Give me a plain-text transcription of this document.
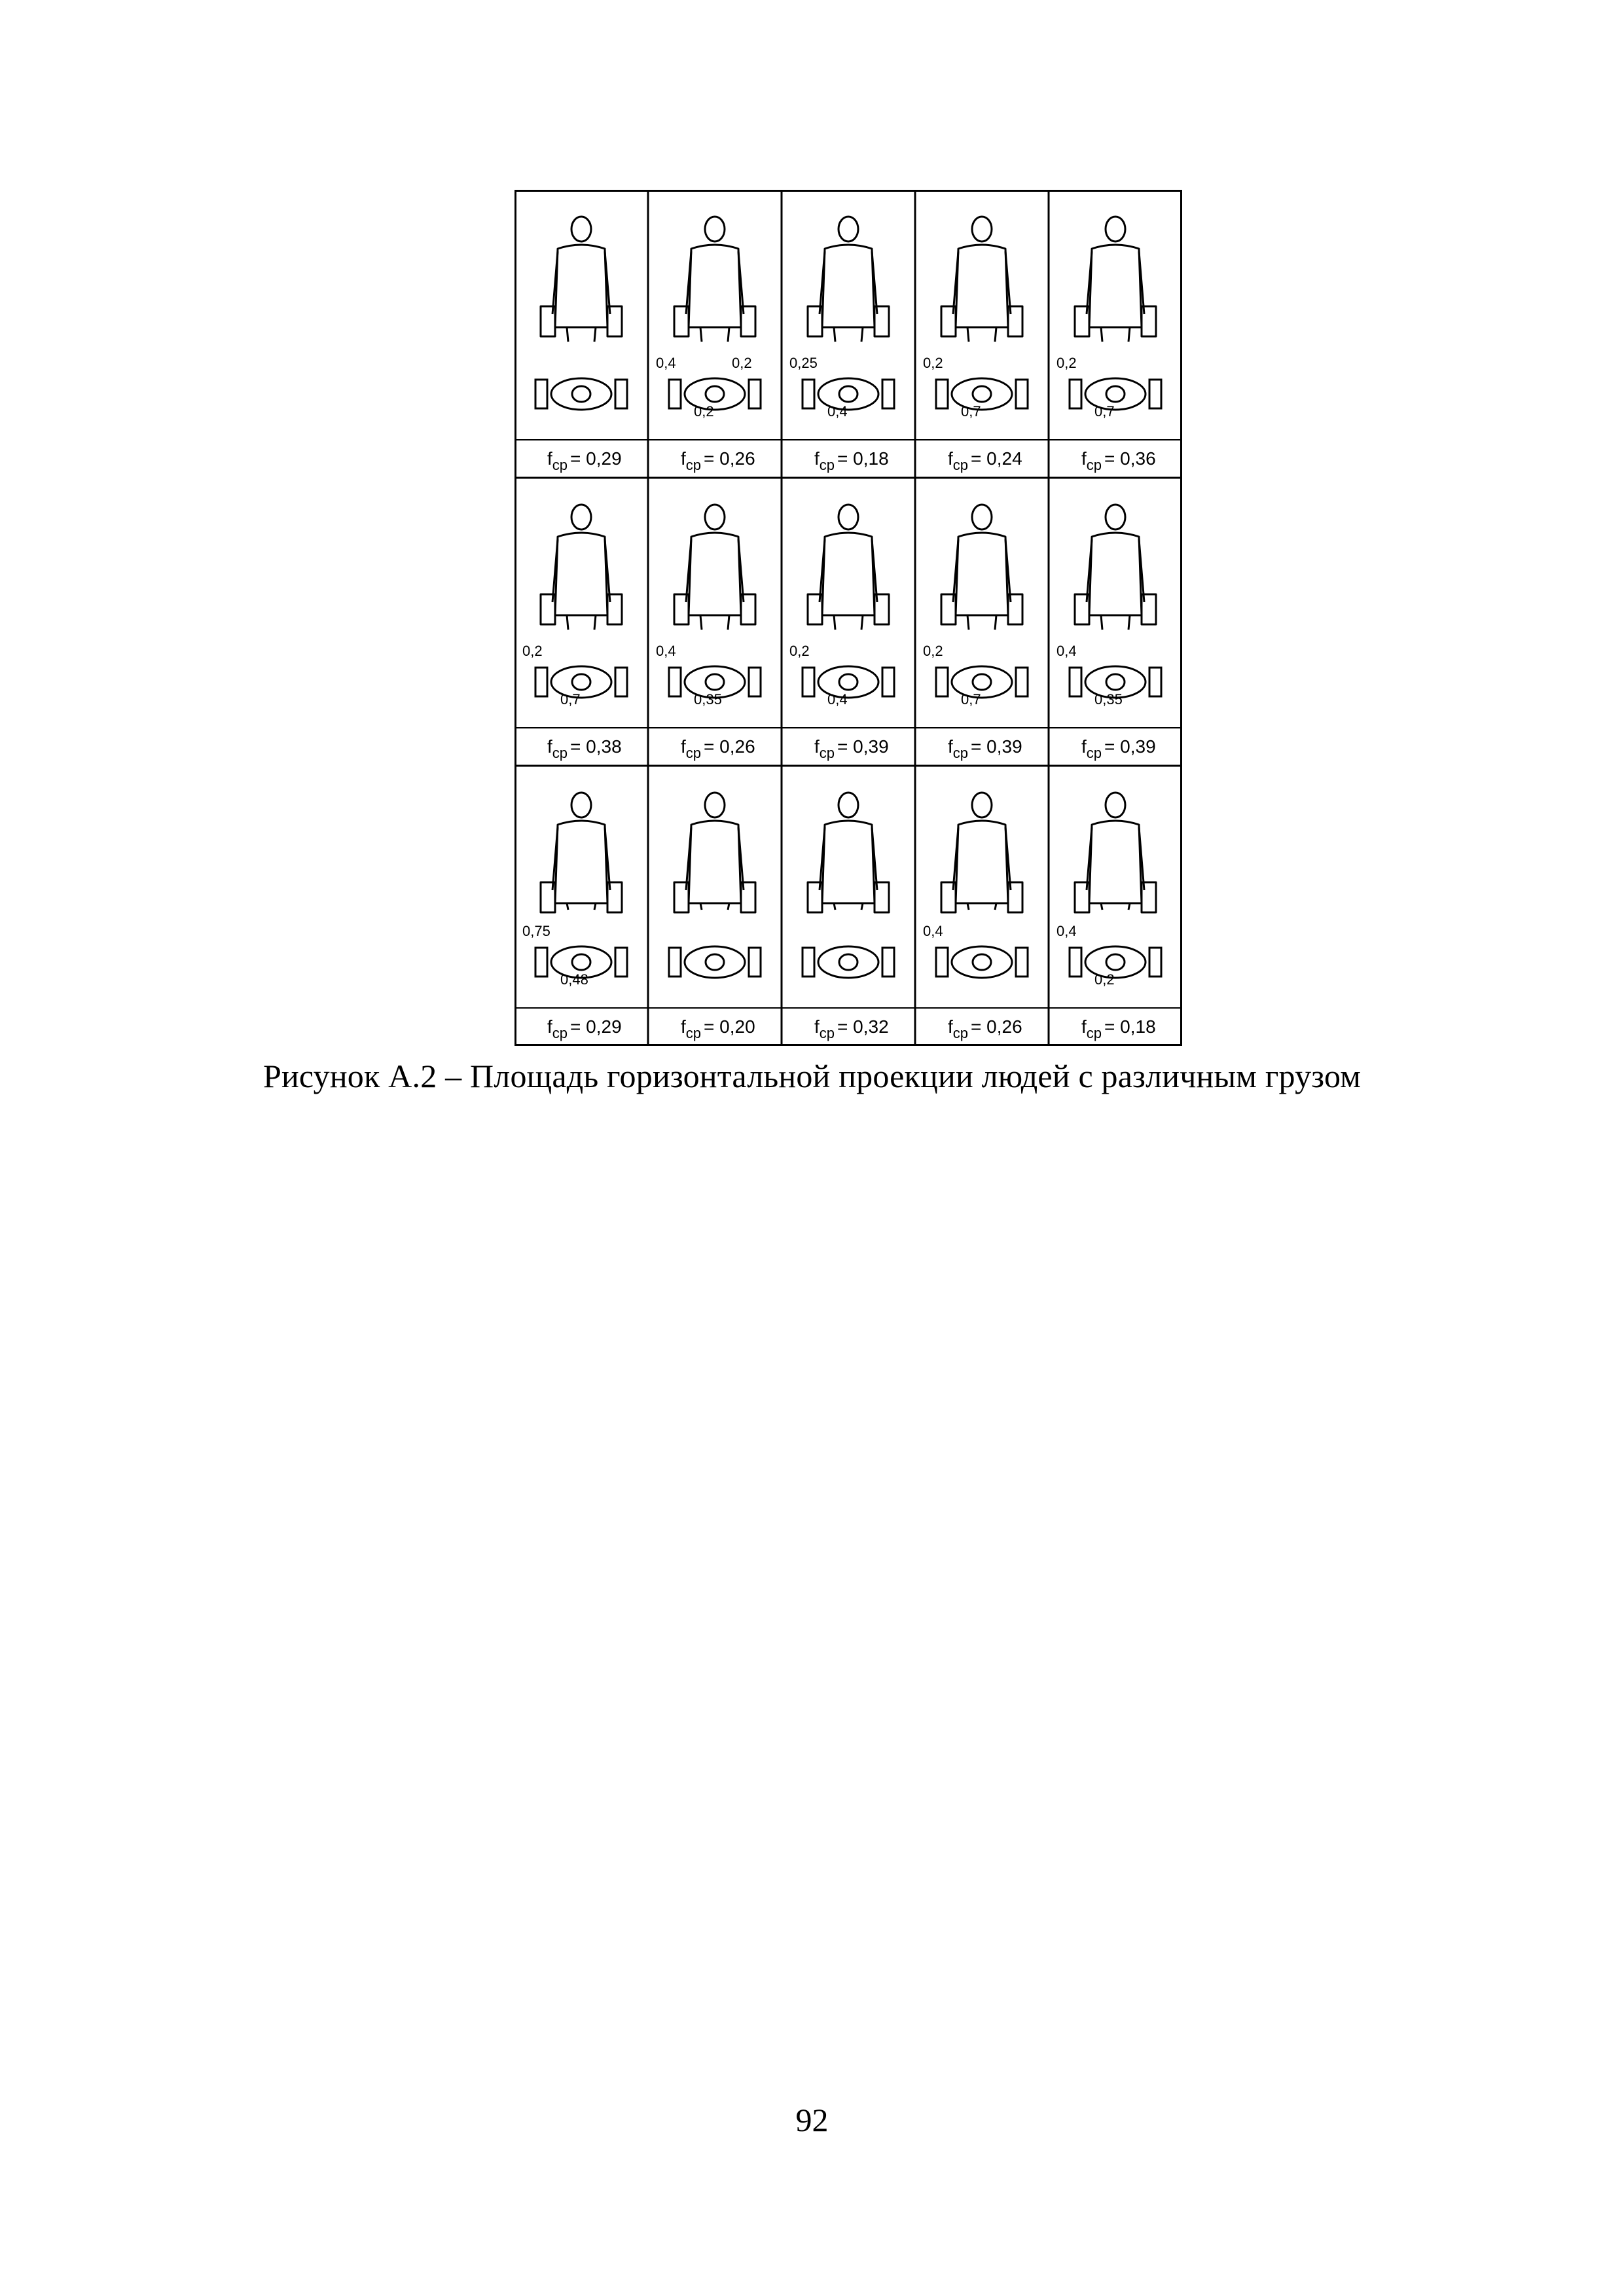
$f_{ср} = 0,29$
0,4
0,2
0,2
$f_{ср} = 0,26$
0,25
0,4
$f_{ср} = 0,18$
0,2
0,7
$f_{ср} = 0,24$
0,2
0,7
$f_{ср} = 0,36$
0,2
0,7
$f_{ср} = 0,38$
0,4
0,35
$f_{ср} = 0,26$
0,2
0,4
$f_{ср} = 0,39$
0,2
0,7
$f_{ср} = 0,39$
0,4
0,35
$f_{ср} = 0,39$
0,75
0,48
$f_{ср} = 0,29$	$f_{ср} = 0,20$	$f_{ср} = 0,32$
0,4
$f_{ср} = 0,26$
0,4
0,2
$f_{ср} = 0,18$
Рисунок А.2 – Площадь горизонтальной проекции людей с различным грузом
92
